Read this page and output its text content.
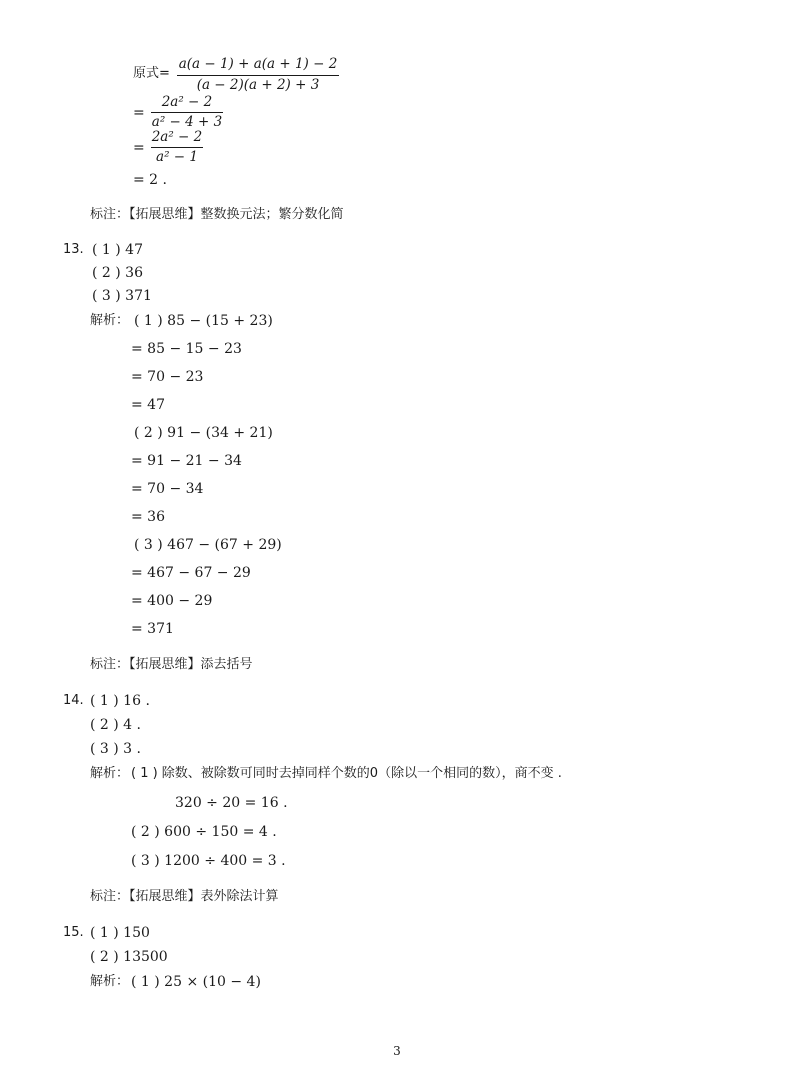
原式=
a(a − 1) + a(a + 1) − 2
(a − 2)(a + 2) + 3
=
2a² − 2
a² − 4 + 3
=
2a² − 2
a² − 1
= 2 .
标注：【拓展思维】整数换元法；繁分数化简
13. ( 1 ) 47
( 2 ) 36
( 3 ) 371
解析： ( 1 ) 85 − (15 + 23)
= 85 − 15 − 23
= 70 − 23
= 47
( 2 ) 91 − (34 + 21)
= 91 − 21 − 34
= 70 − 34
= 36
( 3 ) 467 − (67 + 29)
= 467 − 67 − 29
= 400 − 29
= 371
标注：【拓展思维】添去括号
14. ( 1 ) 16 .
( 2 ) 4 .
( 3 ) 3 .
解析： ( 1 ) 除数、被除数可同时去掉同样个数的0（除以一个相同的数），商不变 .
320 ÷ 20 = 16 .
( 2 ) 600 ÷ 150 = 4 .
( 3 ) 1200 ÷ 400 = 3 .
标注：【拓展思维】表外除法计算
15. ( 1 ) 150
( 2 ) 13500
解析： ( 1 ) 25 × (10 − 4)
3
